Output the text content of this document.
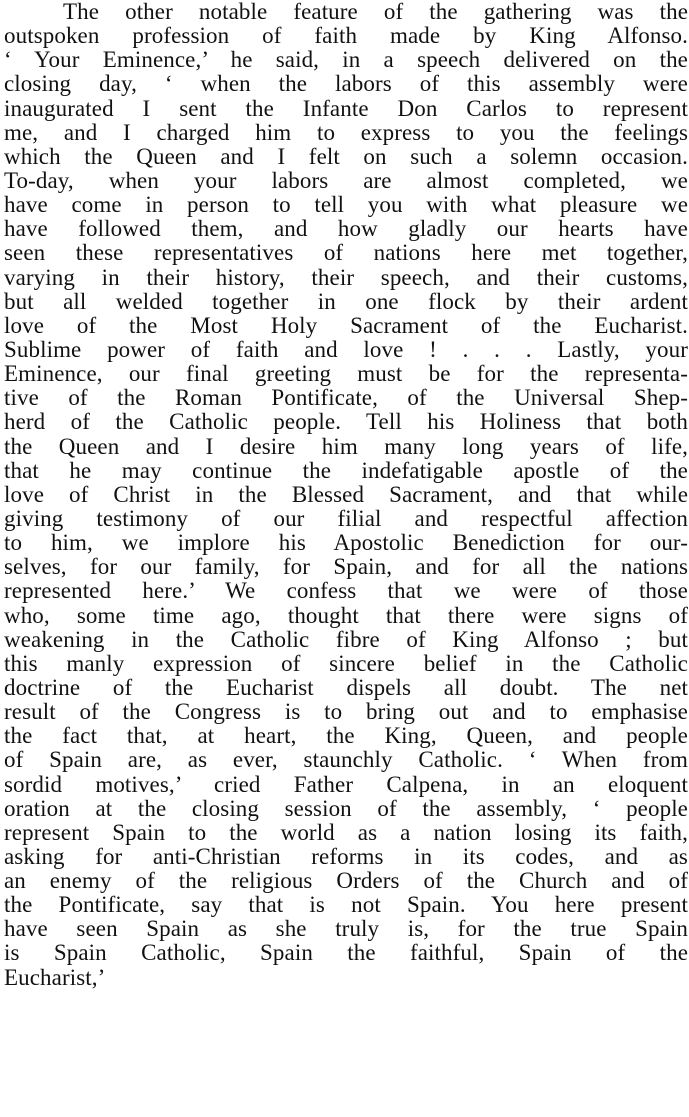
The other notable feature of the gathering was the
outspoken profession of faith made by King Alfonso.
‘ Your Eminence,’ he said, in a speech delivered on the
closing day, ‘ when the labors of this assembly were
inaugurated I sent the Infante Don Carlos to represent
me, and I charged him to express to you the feelings
which the Queen and I felt on such a solemn occasion.
To-day, when your labors are almost completed, we
have come in person to tell you with what pleasure we
have followed them, and how gladly our hearts have
seen these representatives of nations here met together,
varying in their history, their speech, and their customs,
but all welded together in one flock by their ardent
love of the Most Holy Sacrament of the Eucharist.
Sublime power of faith and love ! . . . Lastly, your
Eminence, our final greeting must be for the representa-
tive of the Roman Pontificate, of the Universal Shep-
herd of the Catholic people. Tell his Holiness that both
the Queen and I desire him many long years of life,
that he may continue the indefatigable apostle of the
love of Christ in the Blessed Sacrament, and that while
giving testimony of our filial and respectful affection
to him, we implore his Apostolic Benediction for our-
selves, for our family, for Spain, and for all the nations
represented here.’ We confess that we were of those
who, some time ago, thought that there were signs of
weakening in the Catholic fibre of King Alfonso ; but
this manly expression of sincere belief in the Catholic
doctrine of the Eucharist dispels all doubt. The net
result of the Congress is to bring out and to emphasise
the fact that, at heart, the King, Queen, and people
of Spain are, as ever, staunchly Catholic. ‘ When from
sordid motives,’ cried Father Calpena, in an eloquent
oration at the closing session of the assembly, ‘ people
represent Spain to the world as a nation losing its faith,
asking for anti-Christian reforms in its codes, and as
an enemy of the religious Orders of the Church and of
the Pontificate, say that is not Spain. You here present
have seen Spain as she truly is, for the true Spain
is Spain Catholic, Spain the faithful, Spain of the
Eucharist,’
